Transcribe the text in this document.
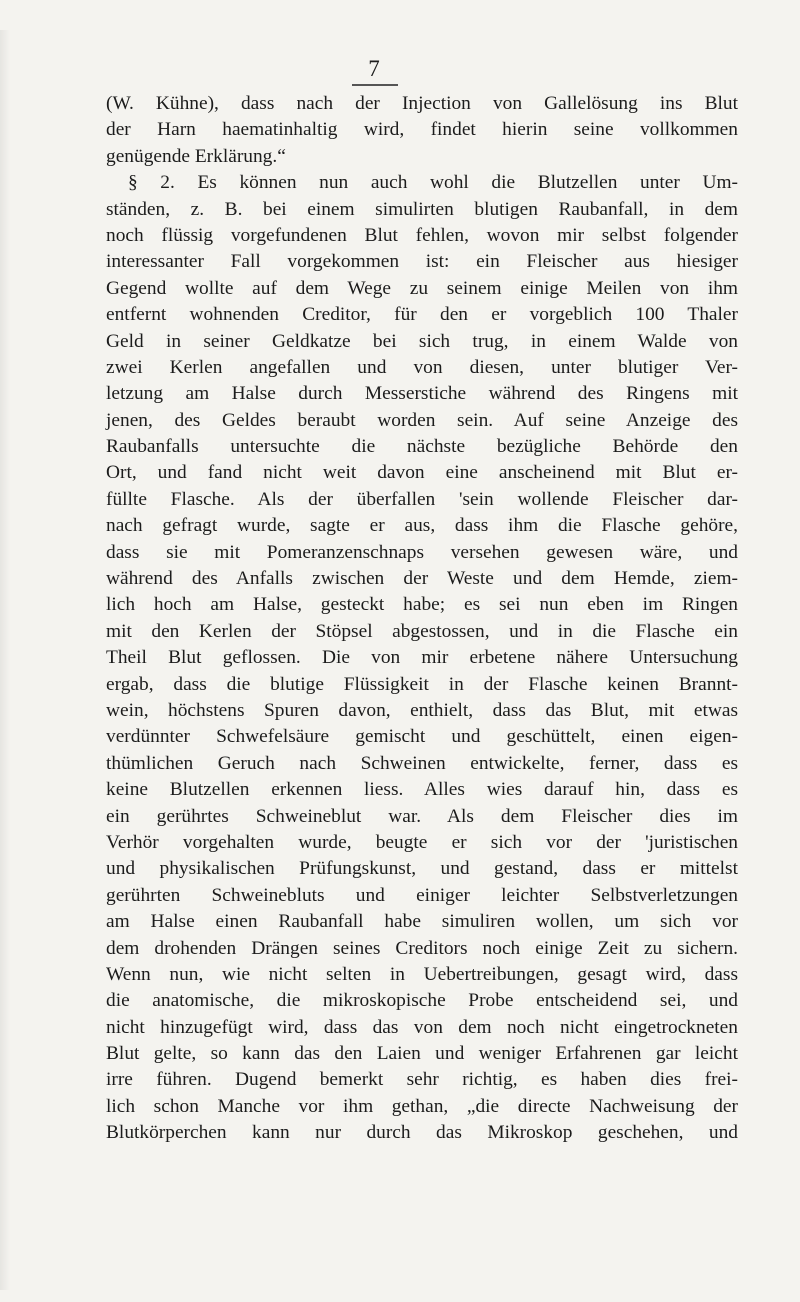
7
(W. Kühne), dass nach der Injection von Gallelösung ins Blut
der Harn haematinhaltig wird, findet hierin seine vollkommen
genügende Erklärung.“
§ 2. Es können nun auch wohl die Blutzellen unter Um-
ständen, z. B. bei einem simulirten blutigen Raubanfall, in dem
noch flüssig vorgefundenen Blut fehlen, wovon mir selbst folgender
interessanter Fall vorgekommen ist: ein Fleischer aus hiesiger
Gegend wollte auf dem Wege zu seinem einige Meilen von ihm
entfernt wohnenden Creditor, für den er vorgeblich 100 Thaler
Geld in seiner Geldkatze bei sich trug, in einem Walde von
zwei Kerlen angefallen und von diesen, unter blutiger Ver-
letzung am Halse durch Messerstiche während des Ringens mit
jenen, des Geldes beraubt worden sein. Auf seine Anzeige des
Raubanfalls untersuchte die nächste bezügliche Behörde den
Ort, und fand nicht weit davon eine anscheinend mit Blut er-
füllte Flasche. Als der überfallen 'sein wollende Fleischer dar-
nach gefragt wurde, sagte er aus, dass ihm die Flasche gehöre,
dass sie mit Pomeranzenschnaps versehen gewesen wäre, und
während des Anfalls zwischen der Weste und dem Hemde, ziem-
lich hoch am Halse, gesteckt habe; es sei nun eben im Ringen
mit den Kerlen der Stöpsel abgestossen, und in die Flasche ein
Theil Blut geflossen. Die von mir erbetene nähere Untersuchung
ergab, dass die blutige Flüssigkeit in der Flasche keinen Brannt-
wein, höchstens Spuren davon, enthielt, dass das Blut, mit etwas
verdünnter Schwefelsäure gemischt und geschüttelt, einen eigen-
thümlichen Geruch nach Schweinen entwickelte, ferner, dass es
keine Blutzellen erkennen liess. Alles wies darauf hin, dass es
ein gerührtes Schweineblut war. Als dem Fleischer dies im
Verhör vorgehalten wurde, beugte er sich vor der 'juristischen
und physikalischen Prüfungskunst, und gestand, dass er mittelst
gerührten Schweinebluts und einiger leichter Selbstverletzungen
am Halse einen Raubanfall habe simuliren wollen, um sich vor
dem drohenden Drängen seines Creditors noch einige Zeit zu sichern.
Wenn nun, wie nicht selten in Uebertreibungen, gesagt wird, dass
die anatomische, die mikroskopische Probe entscheidend sei, und
nicht hinzugefügt wird, dass das von dem noch nicht eingetrockneten
Blut gelte, so kann das den Laien und weniger Erfahrenen gar leicht
irre führen. Dugend bemerkt sehr richtig, es haben dies frei-
lich schon Manche vor ihm gethan, „die directe Nachweisung der
Blutkörperchen kann nur durch das Mikroskop geschehen, und
